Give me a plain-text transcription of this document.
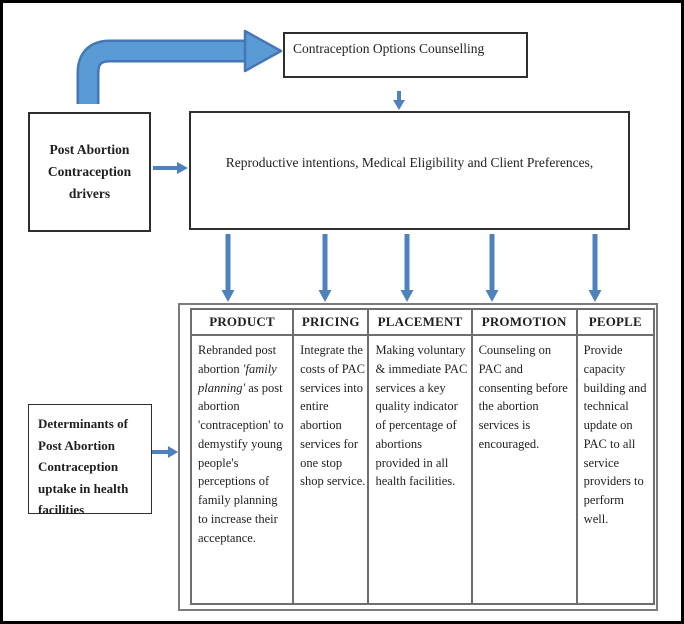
Contraception Options Counselling
Post Abortion Contraception drivers
Reproductive intentions, Medical Eligibility and Client Preferences,
Determinants of Post Abortion Contraception uptake in health facilities
PRODUCT
Rebranded post abortion 'family planning' as post abortion 'contraception' to demystify young people's perceptions of family planning to increase their acceptance.
PRICING
Integrate the costs of PAC services into entire abortion services for one stop shop service.
PLACEMENT
Making voluntary & immediate PAC services a key quality indicator of percentage of abortions provided in all health facilities.
PROMOTION
Counseling on PAC and consenting before the abortion services is encouraged.
PEOPLE
Provide capacity building and technical update on PAC to all service providers to perform well.
